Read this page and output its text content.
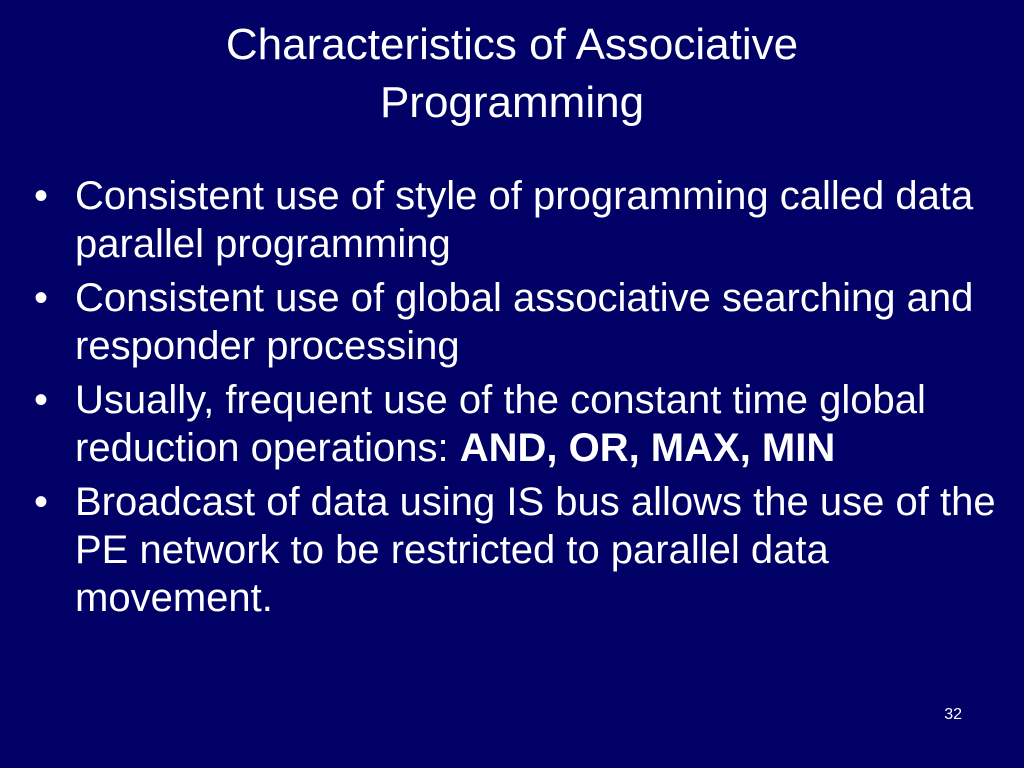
Characteristics of Associative
Programming
• Consistent use of style of programming called data parallel programming
• Consistent use of global associative searching and responder processing
• Usually, frequent use of the constant time global reduction operations: AND, OR, MAX, MIN
• Broadcast of data using IS bus allows the use of the PE network to be restricted to parallel data movement.
32
